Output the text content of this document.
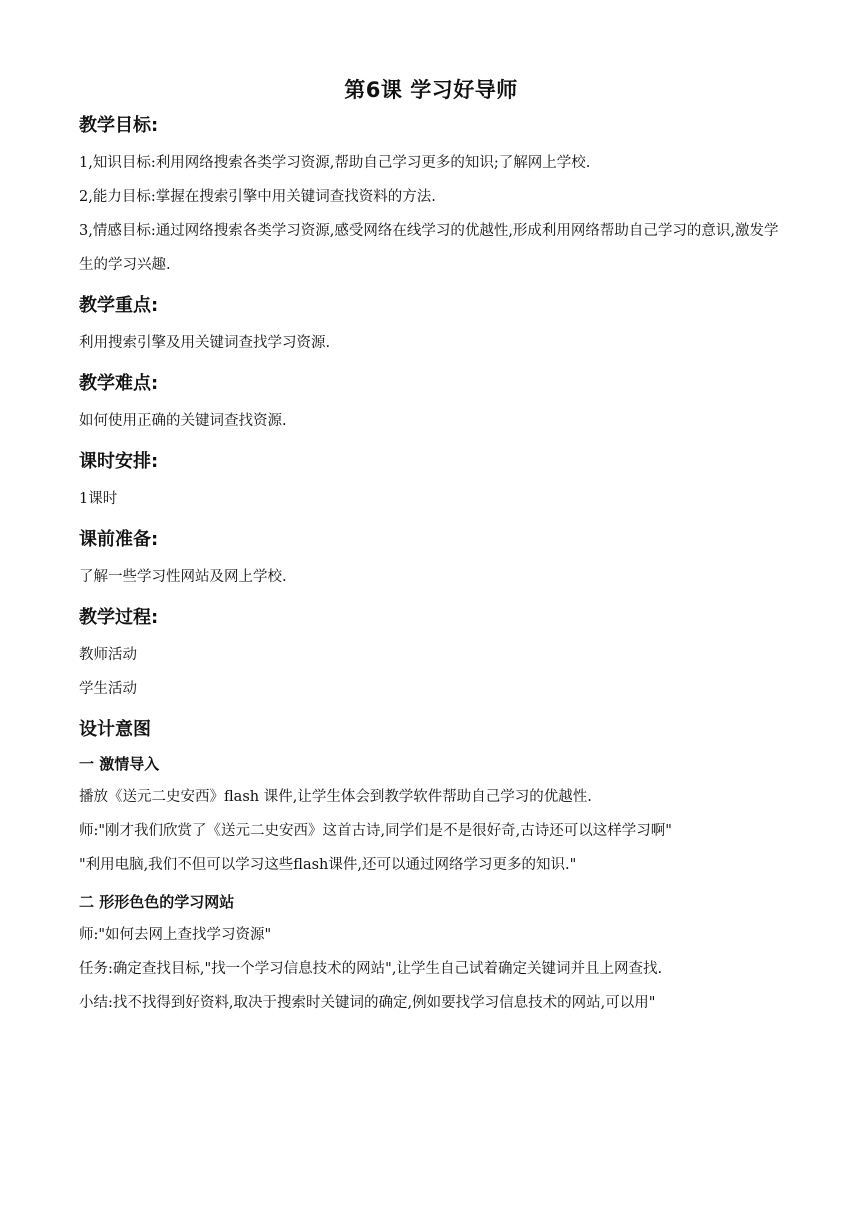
第6课 学习好导师
教学目标:

1,知识目标:利用网络搜索各类学习资源,帮助自己学习更多的知识;了解网上学校.

2,能力目标:掌握在搜索引擎中用关键词查找资料的方法.

3,情感目标:通过网络搜索各类学习资源,感受网络在线学习的优越性,形成利用网络帮助自己学习的意识,激发学生的学习兴趣.

教学重点:

利用搜索引擎及用关键词查找学习资源.

教学难点:

如何使用正确的关键词查找资源.

课时安排:

1课时

课前准备:

了解一些学习性网站及网上学校.

教学过程:

教师活动

学生活动

设计意图
一 激情导入

播放《送元二史安西》flash 课件,让学生体会到教学软件帮助自己学习的优越性.

师:"刚才我们欣赏了《送元二史安西》这首古诗,同学们是不是很好奇,古诗还可以这样学习啊"

"利用电脑,我们不但可以学习这些flash课件,还可以通过网络学习更多的知识."

二 形形色色的学习网站

师:"如何去网上查找学习资源"

任务:确定查找目标,"找一个学习信息技术的网站",让学生自己试着确定关键词并且上网查找.

小结:找不找得到好资料,取决于搜索时关键词的确定,例如要找学习信息技术的网站,可以用"
